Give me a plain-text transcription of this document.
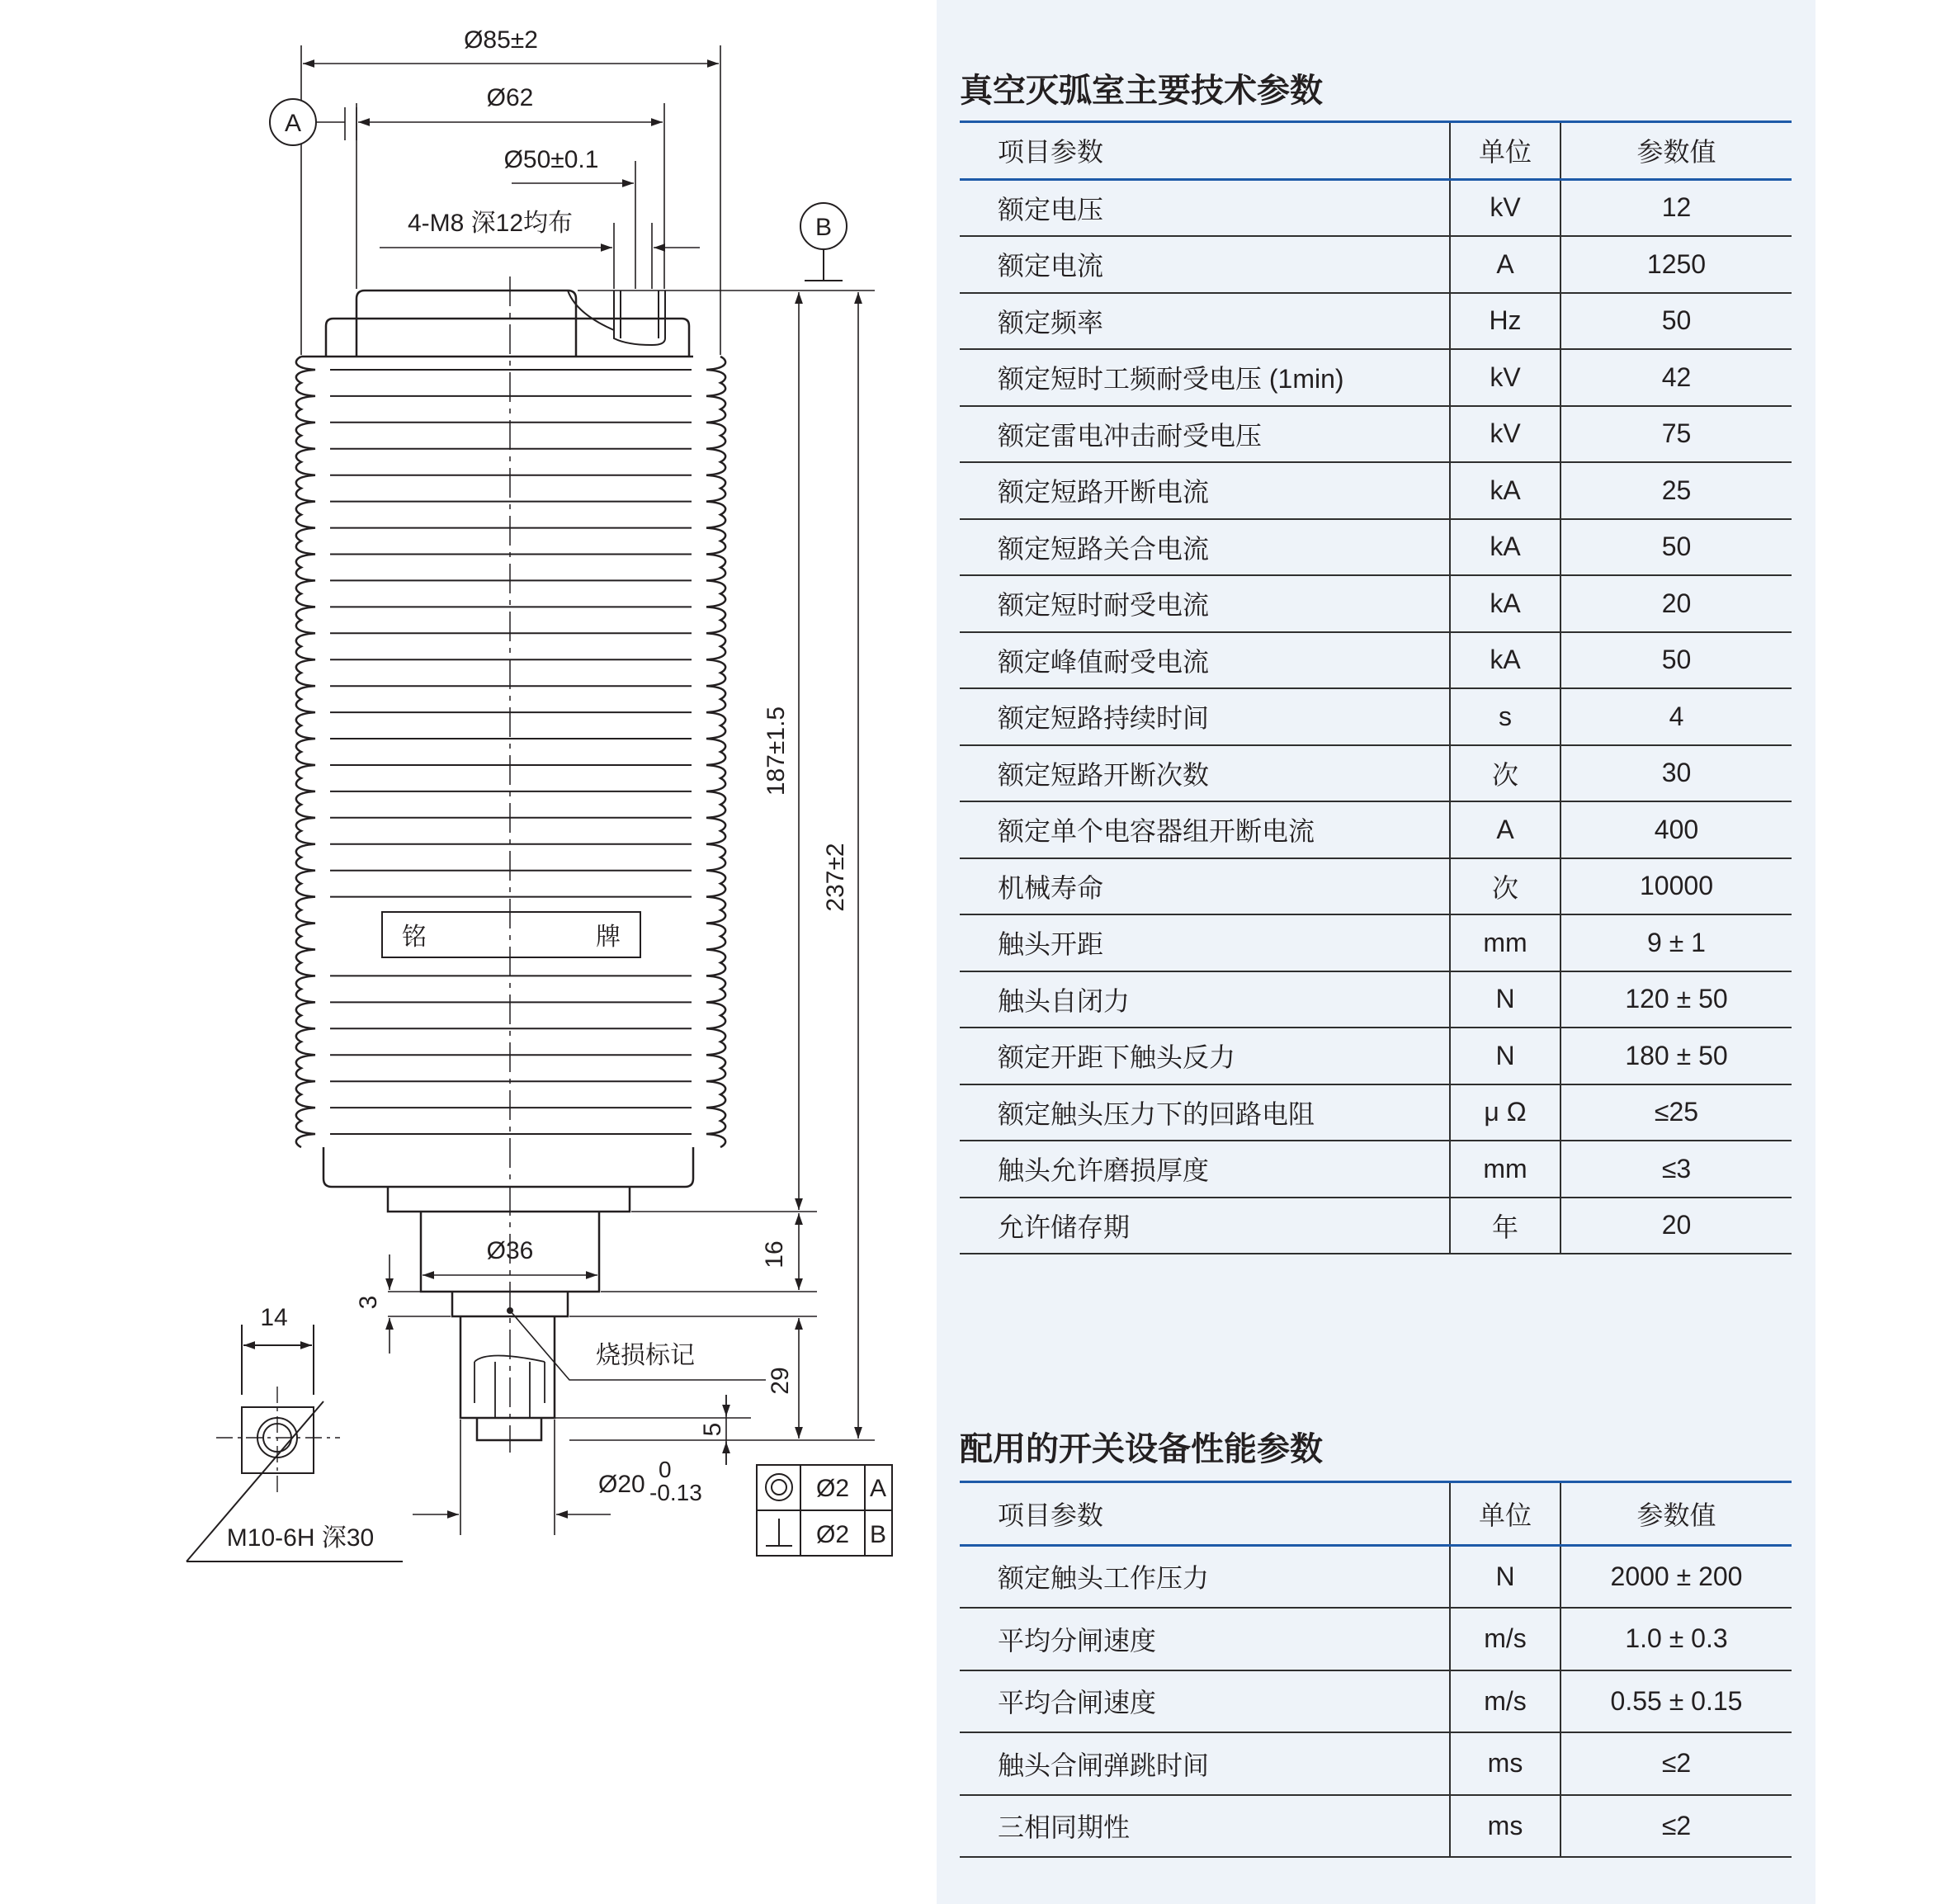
铭	牌
A
B
Ø85±2
Ø62
Ø50±0.1
4-M8 深12均布
187±1.5
237±2
16
29
5
3
Ø36
烧损标记
Ø20
0
-0.13	Ø2 A
Ø2 B
14
M10-6H 深30
真空灭弧室主要技术参数
项目参数	单位	参数值
额定电压	kV	12
额定电流	A	1250
额定频率	Hz	50
额定短时工频耐受电压 (1min)	kV	42
额定雷电冲击耐受电压	kV	75
额定短路开断电流	kA	25
额定短路关合电流	kA	50
额定短时耐受电流	kA	20
额定峰值耐受电流	kA	50
额定短路持续时间	s	4
额定短路开断次数	次	30
额定单个电容器组开断电流	A	400
机械寿命	次	10000
触头开距	mm	9 ± 1
触头自闭力	N	120 ± 50
额定开距下触头反力	N	180 ± 50
额定触头压力下的回路电阻	μ Ω	≤25
触头允许磨损厚度	mm	≤3
允许储存期	年	20
配用的开关设备性能参数
项目参数	单位	参数值
额定触头工作压力	N	2000 ± 200
平均分闸速度	m/s	1.0 ± 0.3
平均合闸速度	m/s	0.55 ± 0.15
触头合闸弹跳时间	ms	≤2
三相同期性	ms	≤2
